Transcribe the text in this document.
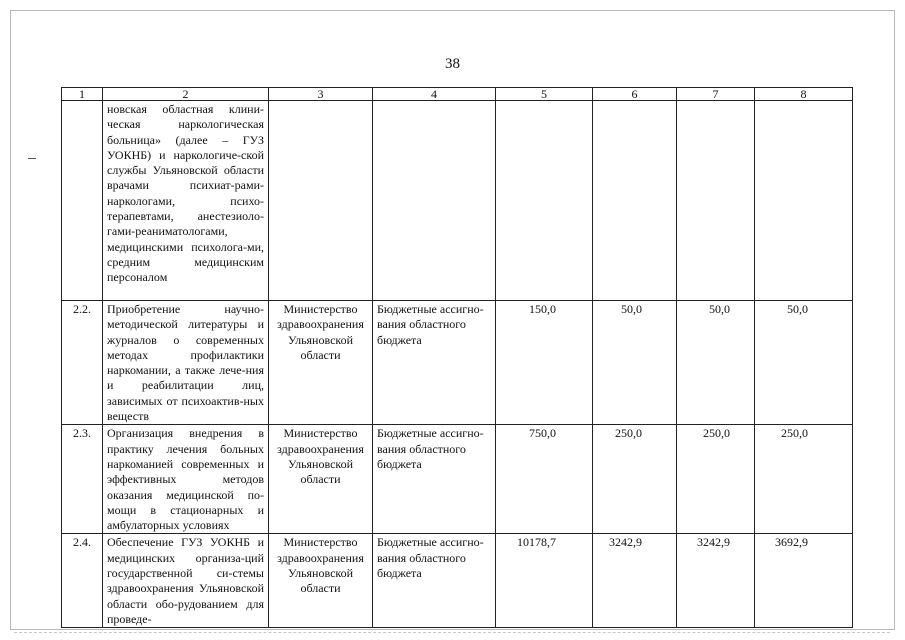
38
1	2	3	4	5	6	7	8
	новская областная клини-ческая наркологическая больница» (далее – ГУЗ УОКНБ) и наркологиче-ской службы Ульяновской области врачами психиат-рами-наркологами, психо-терапевтами, анестезиоло-гами-реаниматологами, медицинскими психолога-ми, средним медицинским персоналом						
2.2.	Приобретение научно-методической литературы и журналов о современных методах профилактики наркомании, а также лече-ния и реабилитации лиц, зависимых от психоактив-ных веществ	Министерство здравоохранения Ульяновской области	Бюджетные ассигно-вания областного бюджета	150,0	50,0	50,0	50,0
2.3.	Организация внедрения в практику лечения больных наркоманией современных и эффективных методов оказания медицинской по-мощи в стационарных и амбулаторных условиях	Министерство здравоохранения Ульяновской области	Бюджетные ассигно-вания областного бюджета	750,0	250,0	250,0	250,0
2.4.	Обеспечение ГУЗ УОКНБ и медицинских организа-ций государственной си-стемы здравоохранения Ульяновской области обо-рудованием для проведе-	Министерство здравоохранения Ульяновской области	Бюджетные ассигно-вания областного бюджета	10178,7	3242,9	3242,9	3692,9
